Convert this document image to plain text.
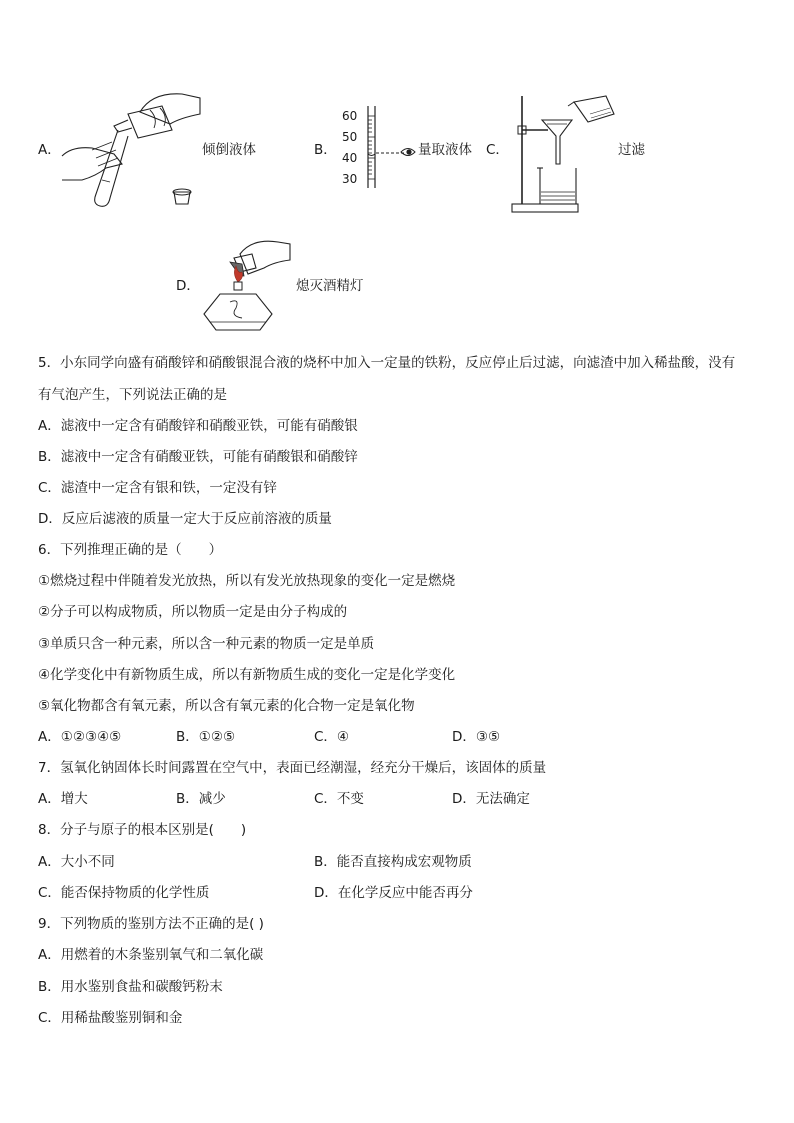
A．	倾倒液体	B．
60
50
40
30
量取液体 C．	过滤
D．	熄灭酒精灯
5．小东同学向盛有硝酸锌和硝酸银混合液的烧杯中加入一定量的铁粉，反应停止后过滤，向滤渣中加入稀盐酸，没有
有气泡产生，下列说法正确的是
A．滤液中一定含有硝酸锌和硝酸亚铁，可能有硝酸银
B．滤液中一定含有硝酸亚铁，可能有硝酸银和硝酸锌
C．滤渣中一定含有银和铁，一定没有锌
D．反应后滤液的质量一定大于反应前溶液的质量
6．下列推理正确的是（　　）
①燃烧过程中伴随着发光放热，所以有发光放热现象的变化一定是燃烧
②分子可以构成物质，所以物质一定是由分子构成的
③单质只含一种元素，所以含一种元素的物质一定是单质
④化学变化中有新物质生成，所以有新物质生成的变化一定是化学变化
⑤氧化物都含有氧元素，所以含有氧元素的化合物一定是氧化物
A．①②③④⑤	B．①②⑤	C．④	D．③⑤
7．氢氧化钠固体长时间露置在空气中，表面已经潮湿，经充分干燥后，该固体的质量
A．增大	B．减少	C．不变	D．无法确定
8．分子与原子的根本区别是(　　)
A．大小不同	B．能否直接构成宏观物质
C．能否保持物质的化学性质	D．在化学反应中能否再分
9．下列物质的鉴别方法不正确的是( )
A．用燃着的木条鉴别氧气和二氧化碳
B．用水鉴别食盐和碳酸钙粉末
C．用稀盐酸鉴别铜和金
